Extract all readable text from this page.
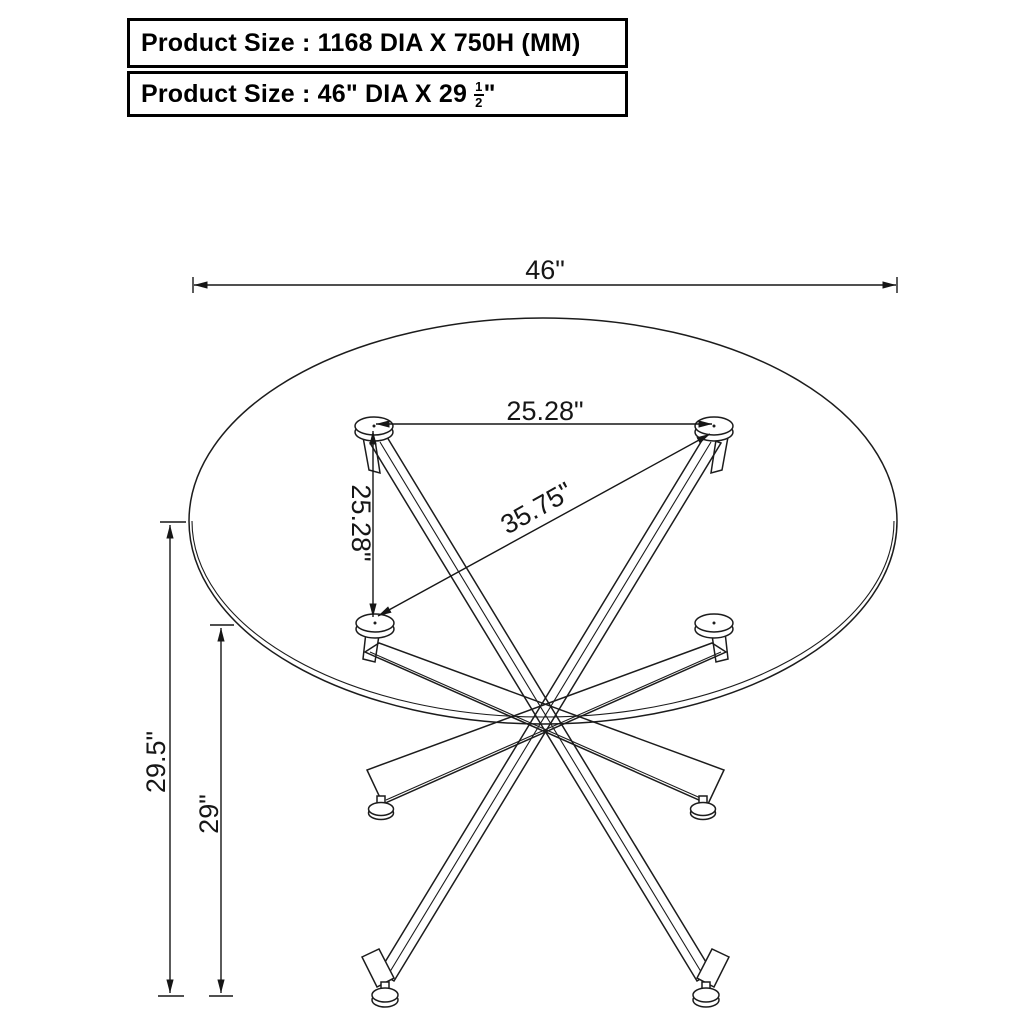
46"
25.28"
25.28"	35.75"
29.5"
29"
Product Size : 1168 DIA X 750H (MM)
Product Size : 46" DIA X $29 \frac{1}{2}$ "
